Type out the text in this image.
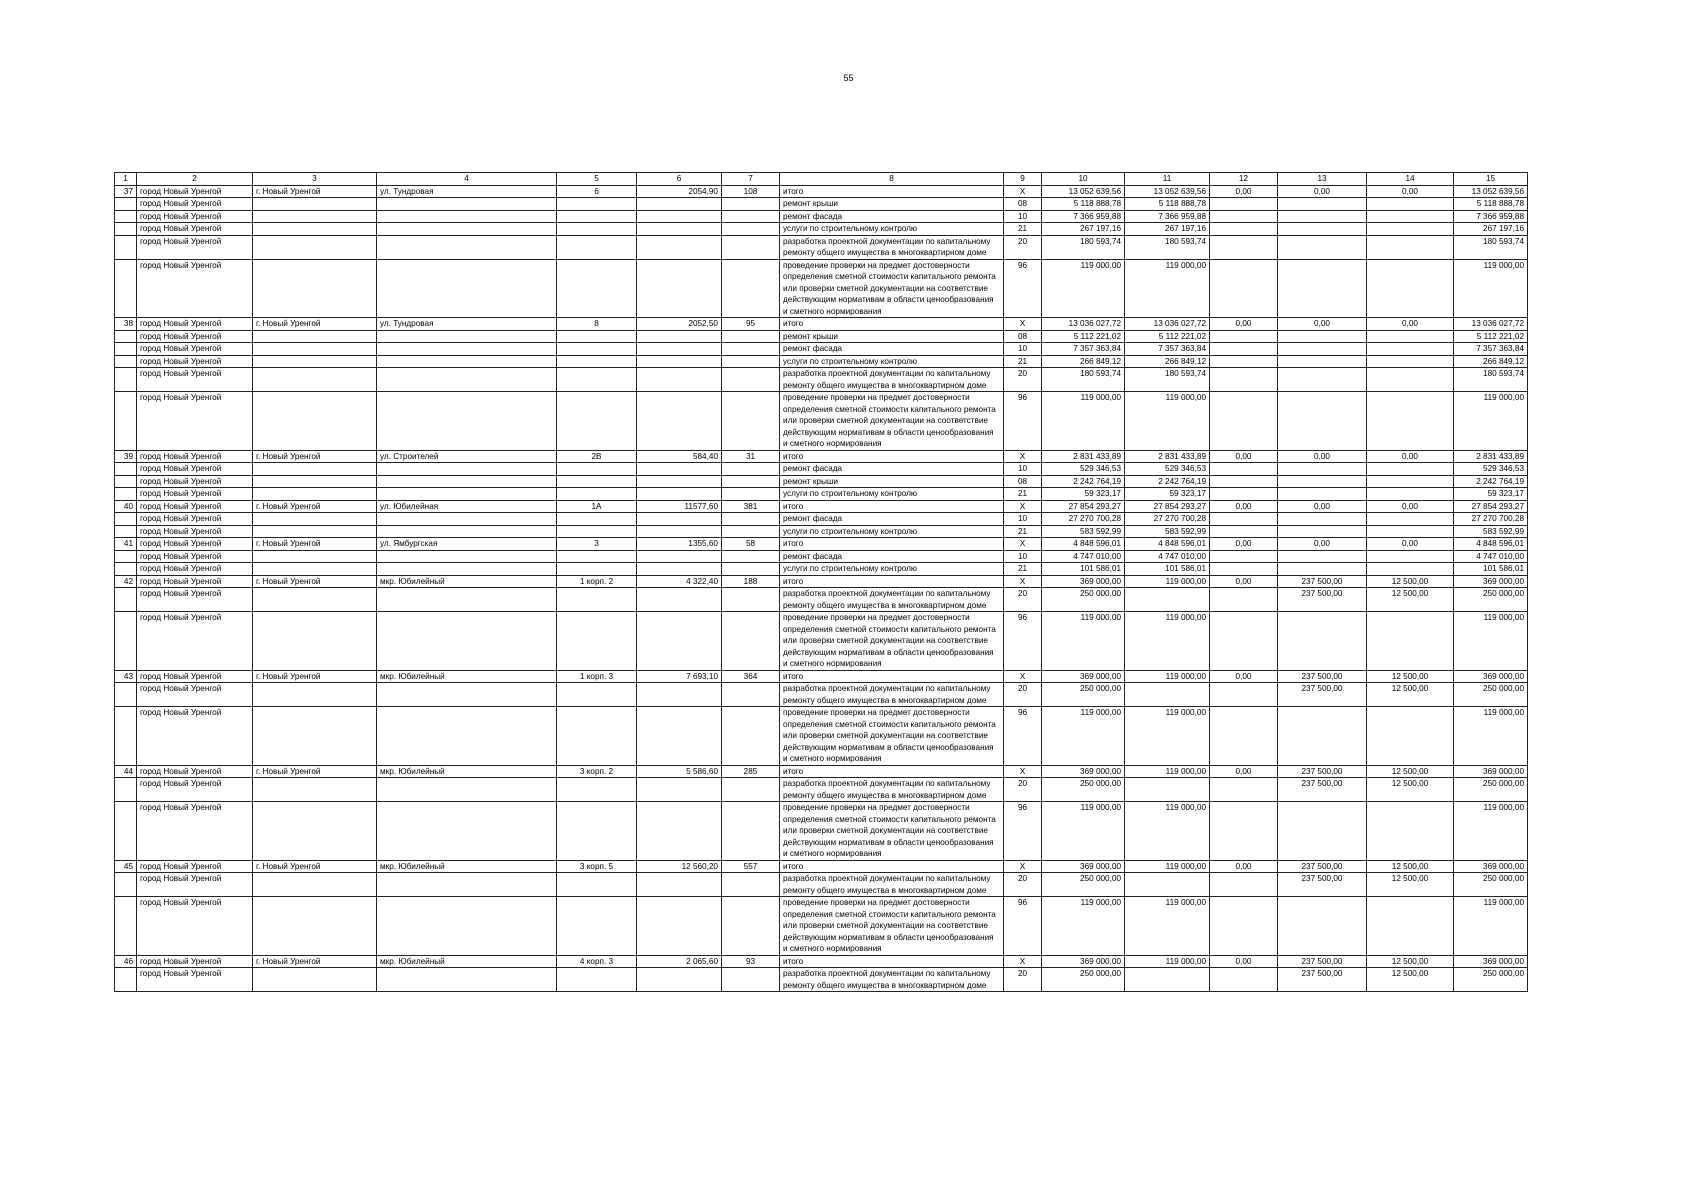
55
1	2	3	4	5	6	7	8	9	10	11	12	13	14	15
37	город Новый Уренгой	г. Новый Уренгой	ул. Тундровая	6	2054,90	108	итого	Х	13 052 639,56	13 052 639,56	0,00	0,00	0,00	13 052 639,56
	город Новый Уренгой						ремонт крыши	08	5 118 888,78	5 118 888,78				5 118 888,78
	город Новый Уренгой						ремонт фасада	10	7 366 959,88	7 366 959,88				7 366 959,88
	город Новый Уренгой						услуги по строительному контролю	21	267 197,16	267 197,16				267 197,16
	город Новый Уренгой						разработка проектной документации по капитальному ремонту общего имущества в многоквартирном доме	20	180 593,74	180 593,74				180 593,74
	город Новый Уренгой						проведение проверки на предмет достоверности определения сметной стоимости капитального ремонта или проверки сметной документации на соответствие действующим нормативам в области ценообразования и сметного нормирования	96	119 000,00	119 000,00				119 000,00
38	город Новый Уренгой	г. Новый Уренгой	ул. Тундровая	8	2052,50	95	итого	Х	13 036 027,72	13 036 027,72	0,00	0,00	0,00	13 036 027,72
	город Новый Уренгой						ремонт крыши	08	5 112 221,02	5 112 221,02				5 112 221,02
	город Новый Уренгой						ремонт фасада	10	7 357 363,84	7 357 363,84				7 357 363,84
	город Новый Уренгой						услуги по строительному контролю	21	266 849,12	266 849,12				266 849,12
	город Новый Уренгой						разработка проектной документации по капитальному ремонту общего имущества в многоквартирном доме	20	180 593,74	180 593,74				180 593,74
	город Новый Уренгой						проведение проверки на предмет достоверности определения сметной стоимости капитального ремонта или проверки сметной документации на соответствие действующим нормативам в области ценообразования и сметного нормирования	96	119 000,00	119 000,00				119 000,00
39	город Новый Уренгой	г. Новый Уренгой	ул. Строителей	2В	584,40	31	итого	Х	2 831 433,89	2 831 433,89	0,00	0,00	0,00	2 831 433,89
	город Новый Уренгой						ремонт фасада	10	529 346,53	529 346,53				529 346,53
	город Новый Уренгой						ремонт крыши	08	2 242 764,19	2 242 764,19				2 242 764,19
	город Новый Уренгой						услуги по строительному контролю	21	59 323,17	59 323,17				59 323,17
40	город Новый Уренгой	г. Новый Уренгой	ул. Юбилейная	1А	11577,60	381	итого	Х	27 854 293,27	27 854 293,27	0,00	0,00	0,00	27 854 293,27
	город Новый Уренгой						ремонт фасада	10	27 270 700,28	27 270 700,28				27 270 700,28
	город Новый Уренгой						услуги по строительному контролю	21	583 592,99	583 592,99				583 592,99
41	город Новый Уренгой	г. Новый Уренгой	ул. Ямбургская	3	1355,60	58	итого	Х	4 848 596,01	4 848 596,01	0,00	0,00	0,00	4 848 596,01
	город Новый Уренгой						ремонт фасада	10	4 747 010,00	4 747 010,00				4 747 010,00
	город Новый Уренгой						услуги по строительному контролю	21	101 586,01	101 586,01				101 586,01
42	город Новый Уренгой	г. Новый Уренгой	мкр. Юбилейный	1 корп. 2	4 322,40	188	итого	Х	369 000,00	119 000,00	0,00	237 500,00	12 500,00	369 000,00
	город Новый Уренгой						разработка проектной документации по капитальному ремонту общего имущества в многоквартирном доме	20	250 000,00			237 500,00	12 500,00	250 000,00
	город Новый Уренгой						проведение проверки на предмет достоверности определения сметной стоимости капитального ремонта или проверки сметной документации на соответствие действующим нормативам в области ценообразования и сметного нормирования	96	119 000,00	119 000,00				119 000,00
43	город Новый Уренгой	г. Новый Уренгой	мкр. Юбилейный	1 корп. 3	7 693,10	364	итого	Х	369 000,00	119 000,00	0,00	237 500,00	12 500,00	369 000,00
	город Новый Уренгой						разработка проектной документации по капитальному ремонту общего имущества в многоквартирном доме	20	250 000,00			237 500,00	12 500,00	250 000,00
	город Новый Уренгой						проведение проверки на предмет достоверности определения сметной стоимости капитального ремонта или проверки сметной документации на соответствие действующим нормативам в области ценообразования и сметного нормирования	96	119 000,00	119 000,00				119 000,00
44	город Новый Уренгой	г. Новый Уренгой	мкр. Юбилейный	3 корп. 2	5 586,60	285	итого	Х	369 000,00	119 000,00	0,00	237 500,00	12 500,00	369 000,00
	город Новый Уренгой						разработка проектной документации по капитальному ремонту общего имущества в многоквартирном доме	20	250 000,00			237 500,00	12 500,00	250 000,00
	город Новый Уренгой						проведение проверки на предмет достоверности определения сметной стоимости капитального ремонта или проверки сметной документации на соответствие действующим нормативам в области ценообразования и сметного нормирования	96	119 000,00	119 000,00				119 000,00
45	город Новый Уренгой	г. Новый Уренгой	мкр. Юбилейный	3 корп. 5	12 560,20	557	итого	Х	369 000,00	119 000,00	0,00	237 500,00	12 500,00	369 000,00
	город Новый Уренгой						разработка проектной документации по капитальному ремонту общего имущества в многоквартирном доме	20	250 000,00			237 500,00	12 500,00	250 000,00
	город Новый Уренгой						проведение проверки на предмет достоверности определения сметной стоимости капитального ремонта или проверки сметной документации на соответствие действующим нормативам в области ценообразования и сметного нормирования	96	119 000,00	119 000,00				119 000,00
46	город Новый Уренгой	г. Новый Уренгой	мкр. Юбилейный	4 корп. 3	2 065,60	93	итого	Х	369 000,00	119 000,00	0,00	237 500,00	12 500,00	369 000,00
	город Новый Уренгой						разработка проектной документации по капитальному ремонту общего имущества в многоквартирном доме	20	250 000,00			237 500,00	12 500,00	250 000,00
